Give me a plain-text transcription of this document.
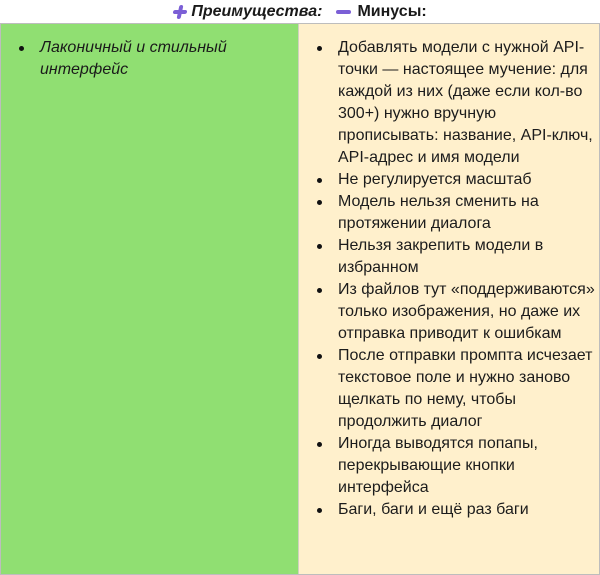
Преимущества: Минусы:
Лаконичный и стильный интерфейс
Добавлять модели с нужной API-точки — настоящее мучение: для каждой из них (даже если кол-во 300+) нужно вручную прописывать: название, API-ключ, API-адрес и имя модели
Не регулируется масштаб
Модель нельзя сменить на протяжении диалога
Нельзя закрепить модели в избранном
Из файлов тут «поддерживаются» только изображения, но даже их отправка приводит к ошибкам
После отправки промпта исчезает текстовое поле и нужно заново щелкать по нему, чтобы продолжить диалог
Иногда выводятся попапы, перекрывающие кнопки интерфейса
Баги, баги и ещё раз баги
